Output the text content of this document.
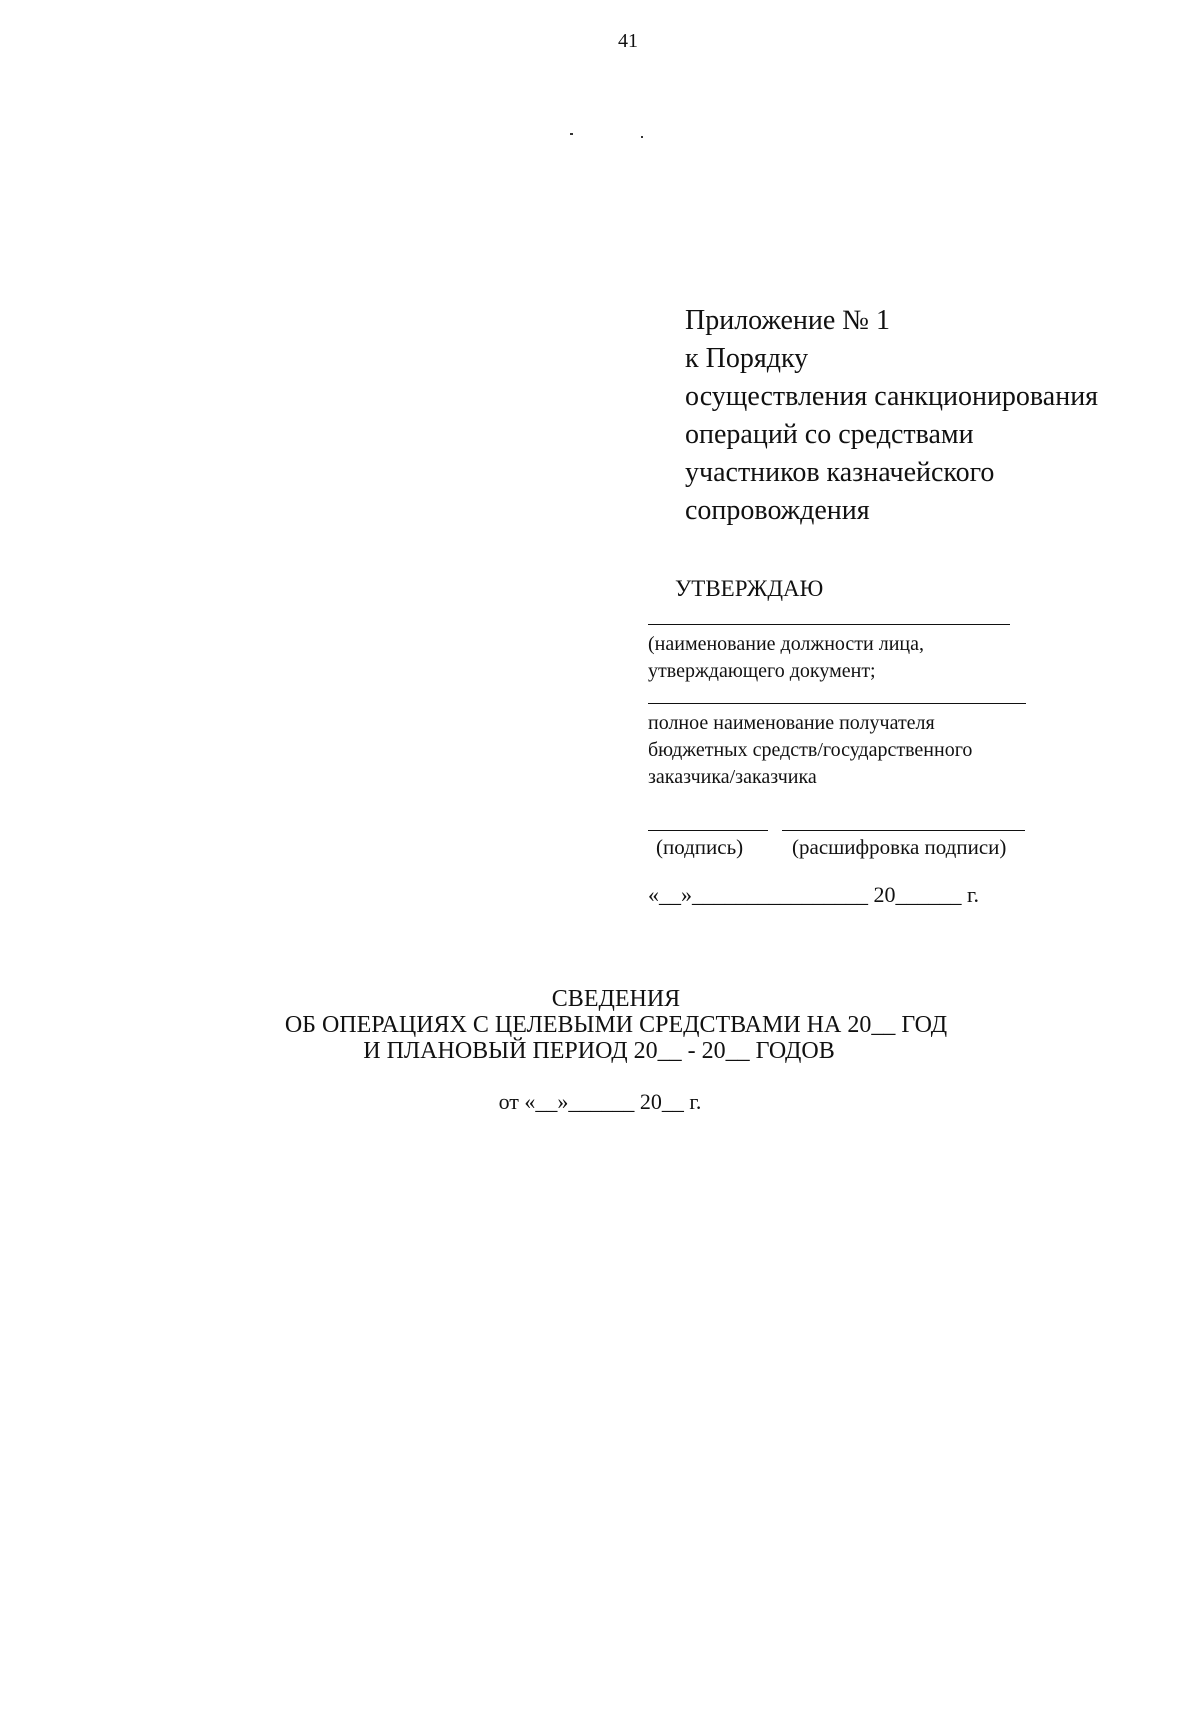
41
Приложение № 1
к Порядку
осуществления санкционирования
операций со средствами
участников казначейского
сопровождения
УТВЕРЖДАЮ
(наименование должности лица,
утверждающего документ;
полное наименование получателя
бюджетных средств/государственного
заказчика/заказчика
(подпись) (расшифровка подписи)
«__»________________ 20______ г.
СВЕДЕНИЯ
ОБ ОПЕРАЦИЯХ С ЦЕЛЕВЫМИ СРЕДСТВАМИ НА 20__ ГОД
И ПЛАНОВЫЙ ПЕРИОД 20__ - 20__ ГОДОВ
от «__»______ 20__ г.
